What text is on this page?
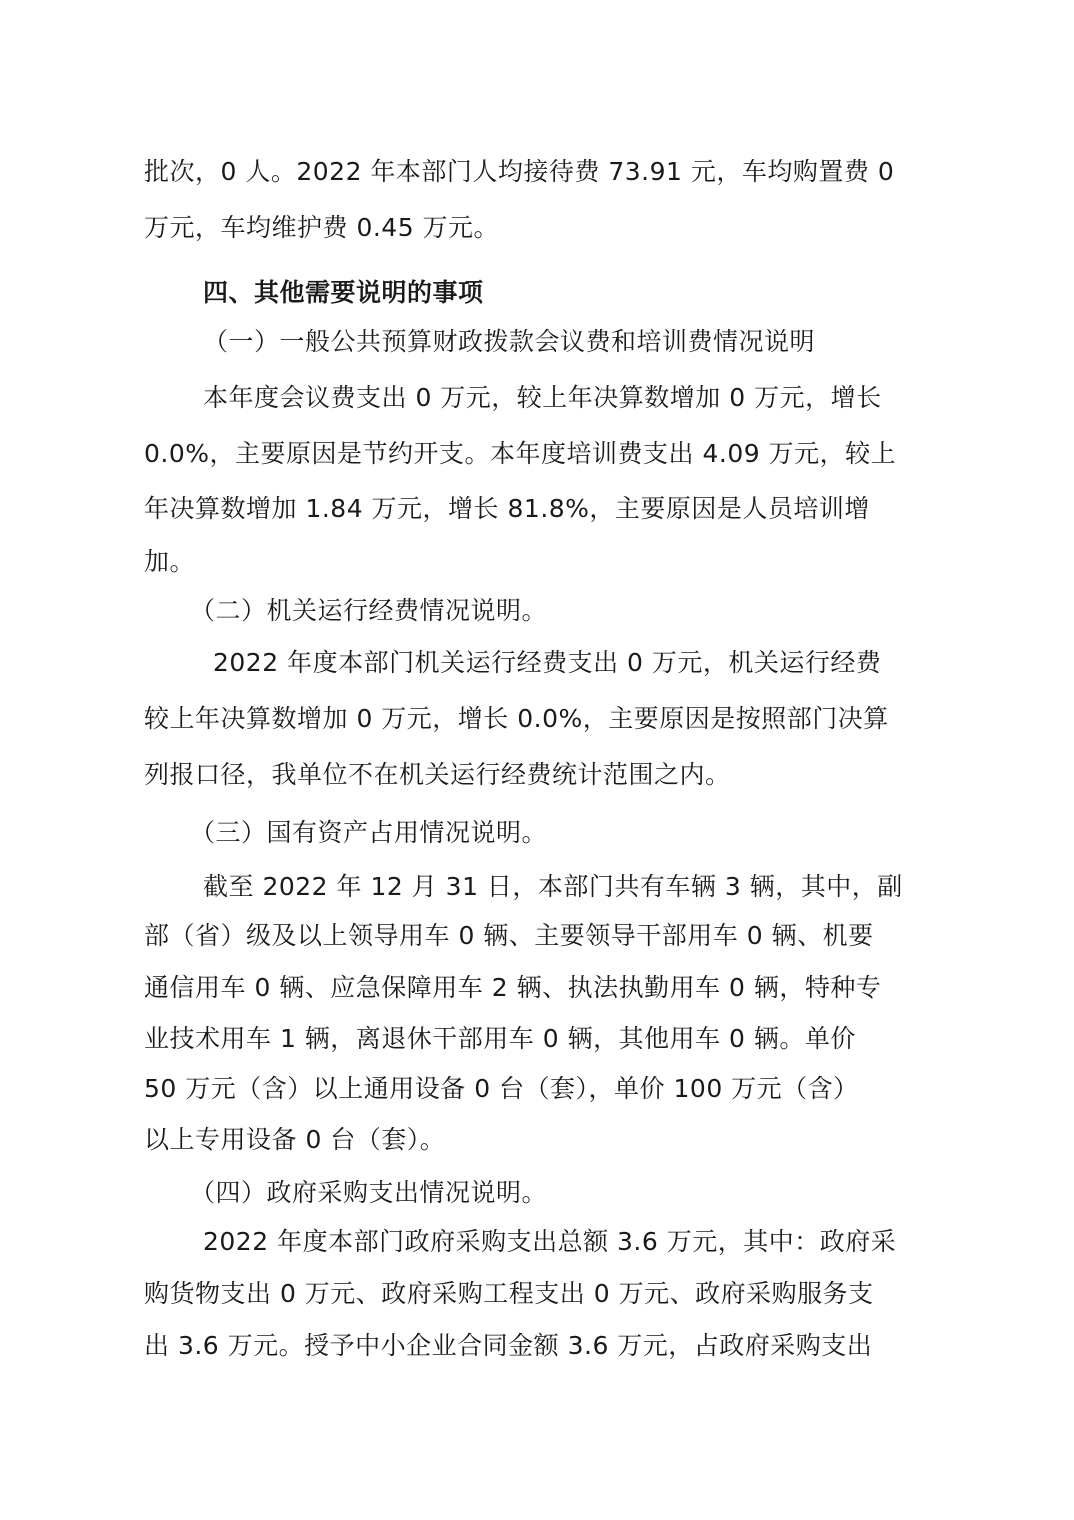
批次，0 人。2022 年本部门人均接待费 73.91 元，车均购置费 0
万元，车均维护费 0.45 万元。
四、其他需要说明的事项
（一）一般公共预算财政拨款会议费和培训费情况说明
本年度会议费支出 0 万元，较上年决算数增加 0 万元，增长
0.0%，主要原因是节约开支。本年度培训费支出 4.09 万元，较上
年决算数增加 1.84 万元，增长 81.8%，主要原因是人员培训增
加。
（二）机关运行经费情况说明。
2022 年度本部门机关运行经费支出 0 万元，机关运行经费
较上年决算数增加 0 万元，增长 0.0%，主要原因是按照部门决算
列报口径，我单位不在机关运行经费统计范围之内。
（三）国有资产占用情况说明。
截至 2022 年 12 月 31 日，本部门共有车辆 3 辆，其中，副
部（省）级及以上领导用车 0 辆、主要领导干部用车 0 辆、机要
通信用车 0 辆、应急保障用车 2 辆、执法执勤用车 0 辆，特种专
业技术用车 1 辆，离退休干部用车 0 辆，其他用车 0 辆。单价
50 万元（含）以上通用设备 0 台（套），单价 100 万元（含）
以上专用设备 0 台（套）。
（四）政府采购支出情况说明。
2022 年度本部门政府采购支出总额 3.6 万元，其中：政府采
购货物支出 0 万元、政府采购工程支出 0 万元、政府采购服务支
出 3.6 万元。授予中小企业合同金额 3.6 万元，占政府采购支出
